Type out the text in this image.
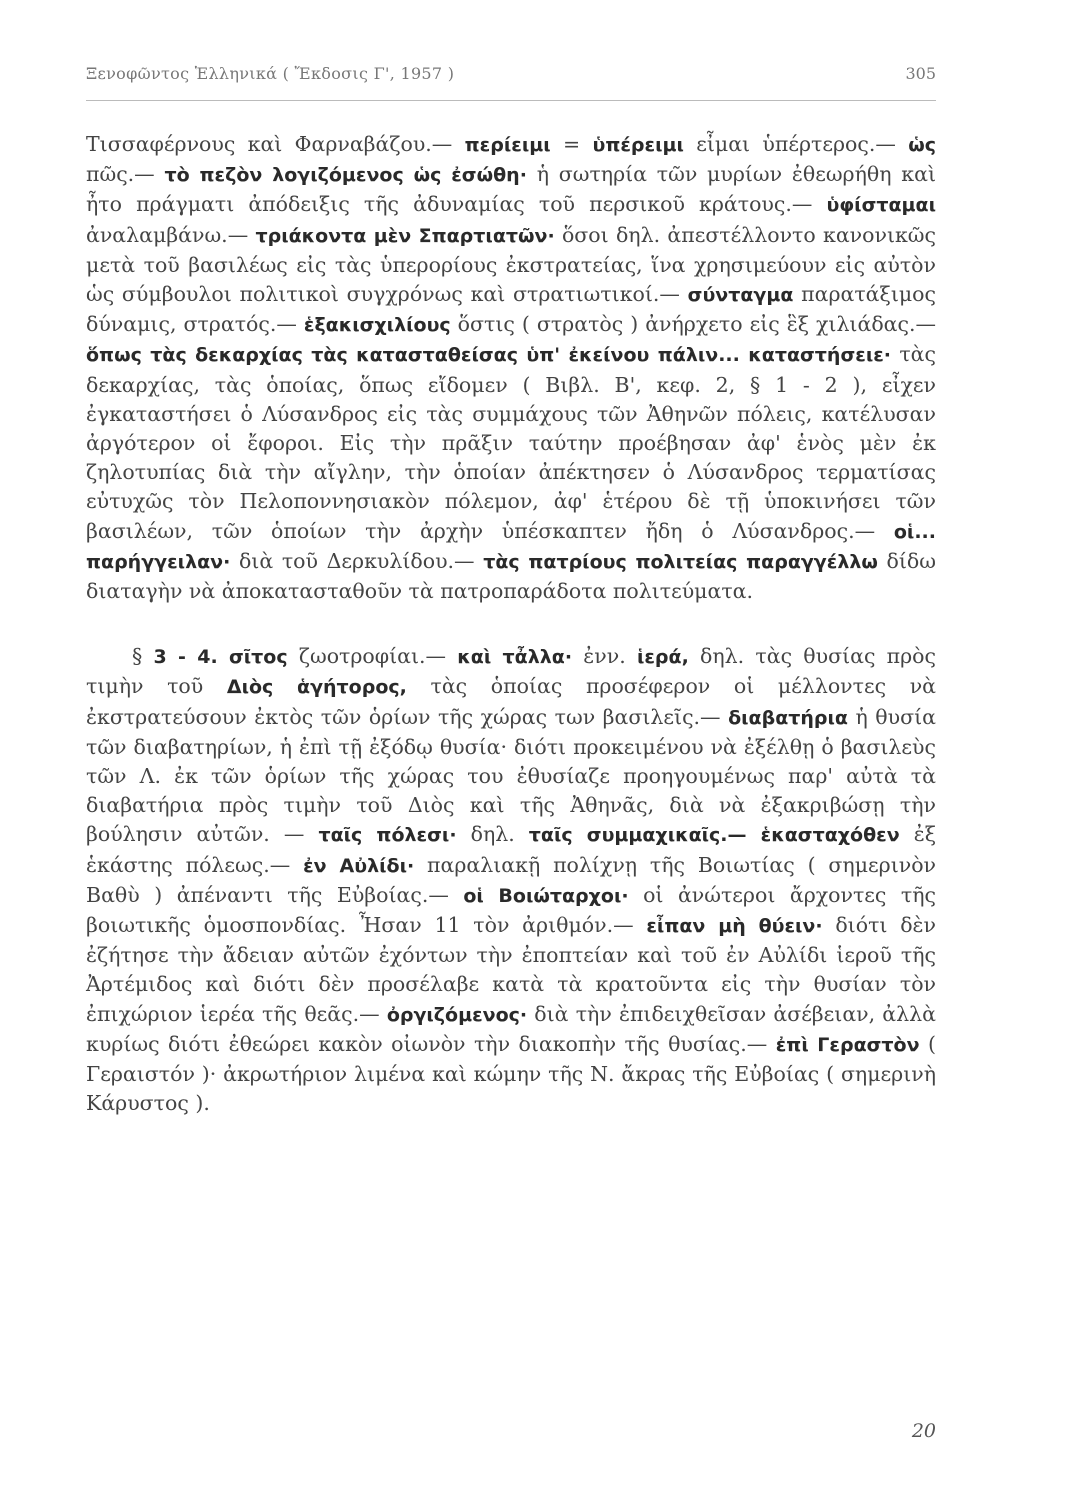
Ξενοφῶντος Ἑλληνικά ( Ἔκδοσις Γ', 1957 )	305

Τισσαφέρνους καὶ Φαρναβάζου.— περίειμι = ὑπέρειμι εἶμαι ὑπέρτερος.— ὡς πῶς.— τὸ πεζὸν λογιζόμενος ὡς ἐσώθη· ἡ σωτηρία τῶν μυρίων ἐθεωρήθη καὶ ἦτο πράγματι ἀπόδειξις τῆς ἀδυναμίας τοῦ περσικοῦ κράτους.— ὑφίσταμαι ἀναλαμβάνω.— τριάκοντα μὲν Σπαρτιατῶν· ὅσοι δηλ. ἀπεστέλλοντο κανονικῶς μετὰ τοῦ βασιλέως εἰς τὰς ὑπερορίους ἐκστρατείας, ἵνα χρησιμεύουν εἰς αὐτὸν ὡς σύμβουλοι πολιτικοὶ συγχρόνως καὶ στρατιωτικοί.— σύνταγμα παρατάξιμος δύναμις, στρατός.— ἑξακισχιλίους ὅστις ( στρατὸς ) ἀνήρχετο εἰς ἓξ χιλιάδας.— ὅπως τὰς δεκαρχίας τὰς κατασταθείσας ὑπ' ἐκείνου πάλιν... καταστήσειε· τὰς δεκαρχίας, τὰς ὁποίας, ὅπως εἴδομεν ( Βιβλ. Β', κεφ. 2, § 1 - 2 ), εἶχεν ἐγκαταστήσει ὁ Λύσανδρος εἰς τὰς συμμάχους τῶν Ἀθηνῶν πόλεις, κατέλυσαν ἀργότερον οἱ ἔφοροι. Εἰς τὴν πρᾶξιν ταύτην προέβησαν ἀφ' ἑνὸς μὲν ἐκ ζηλοτυπίας διὰ τὴν αἴγλην, τὴν ὁποίαν ἀπέκτησεν ὁ Λύσανδρος τερματίσας εὐτυχῶς τὸν Πελοποννησιακὸν πόλεμον, ἀφ' ἑτέρου δὲ τῇ ὑποκινήσει τῶν βασιλέων, τῶν ὁποίων τὴν ἀρχὴν ὑπέσκαπτεν ἤδη ὁ Λύσανδρος.— οἱ... παρήγγειλαν· διὰ τοῦ Δερκυλίδου.— τὰς πατρίους πολιτείας παραγγέλλω δίδω διαταγὴν νὰ ἀποκατασταθοῦν τὰ πατροπαράδοτα πολιτεύματα.

§ 3 - 4. σῖτος ζωοτροφίαι.— καὶ τἆλλα· ἐνν. ἱερά, δηλ. τὰς θυσίας πρὸς τιμὴν τοῦ Διὸς ἁγήτορος, τὰς ὁποίας προσέφερον οἱ μέλλοντες νὰ ἐκστρατεύσουν ἐκτὸς τῶν ὁρίων τῆς χώρας των βασιλεῖς.— διαβατήρια ἡ θυσία τῶν διαβατηρίων, ἡ ἐπὶ τῇ ἐξόδῳ θυσία· διότι προκειμένου νὰ ἐξέλθῃ ὁ βασιλεὺς τῶν Λ. ἐκ τῶν ὁρίων τῆς χώρας του ἐθυσίαζε προηγουμένως παρ' αὐτὰ τὰ διαβατήρια πρὸς τιμὴν τοῦ Διὸς καὶ τῆς Ἀθηνᾶς, διὰ νὰ ἐξακριβώσῃ τὴν βούλησιν αὐτῶν. — ταῖς πόλεσι· δηλ. ταῖς συμμαχικαῖς.— ἑκασταχόθεν ἐξ ἑκάστης πόλεως.— ἐν Αὐλίδι· παραλιακῇ πολίχνῃ τῆς Βοιωτίας ( σημερινὸν Βαθὺ ) ἀπέναντι τῆς Εὐβοίας.— οἱ Βοιώταρχοι· οἱ ἀνώτεροι ἄρχοντες τῆς βοιωτικῆς ὁμοσπονδίας. Ἦσαν 11 τὸν ἀριθμόν.— εἶπαν μὴ θύειν· διότι δὲν ἐζήτησε τὴν ἄδειαν αὐτῶν ἐχόντων τὴν ἐποπτείαν καὶ τοῦ ἐν Αὐλίδι ἱεροῦ τῆς Ἀρτέμιδος καὶ διότι δὲν προσέλαβε κατὰ τὰ κρατοῦντα εἰς τὴν θυσίαν τὸν ἐπιχώριον ἱερέα τῆς θεᾶς.— ὀργιζόμενος· διὰ τὴν ἐπιδειχθεῖσαν ἀσέβειαν, ἀλλὰ κυρίως διότι ἐθεώρει κακὸν οἰωνὸν τὴν διακοπὴν τῆς θυσίας.— ἐπὶ Γεραστὸν ( Γεραιστόν )· ἀκρωτήριον λιμένα καὶ κώμην τῆς Ν. ἄκρας τῆς Εὐβοίας ( σημερινὴ Κάρυστος ).

20
